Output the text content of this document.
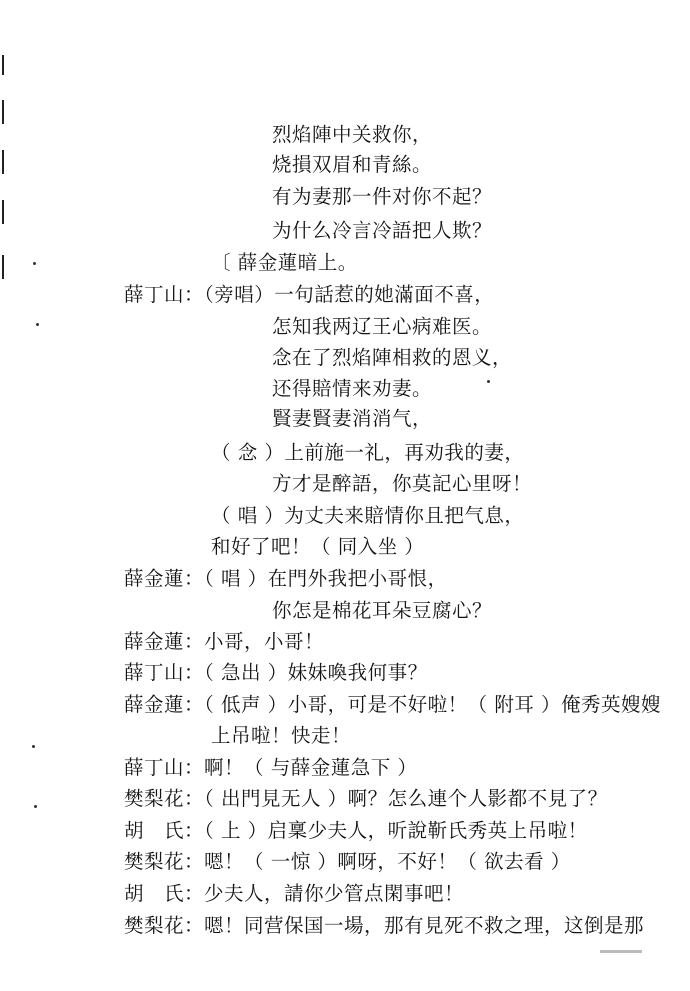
烈焰陣中关救你，
烧損双眉和青絲。
有为妻那一件对你不起？
为什么冷言冷語把人欺？
〔 薛金蓮暗上。
薛丁山：（旁唱）一句話惹的她滿面不喜，
怎知我两辽王心病难医。
念在了烈焰陣相救的恩义，
还得賠情来劝妻。
賢妻賢妻消消气，
（ 念 ）上前施一礼，再劝我的妻，
方才是醉語，你莫記心里呀！
（ 唱 ）为丈夫来賠情你且把气息，
和好了吧！（ 同入坐 ）
薛金蓮：（ 唱 ）在門外我把小哥恨，
你怎是棉花耳朵豆腐心？
薛金蓮：小哥，小哥！
薛丁山：（ 急出 ）妹妹喚我何事？
薛金蓮：（ 低声 ）小哥，可是不好啦！（ 附耳 ）俺秀英嫂嫂
上吊啦！快走！
薛丁山：啊！（ 与薛金蓮急下 ）
樊梨花：（ 出門見无人 ）啊？怎么連个人影都不見了？
胡　氏：（ 上 ）启稟少夫人，听說靳氏秀英上吊啦！
樊梨花：嗯！（ 一惊 ）啊呀，不好！（ 欲去看 ）
胡　氏：少夫人，請你少管点閑事吧！
樊梨花：嗯！同营保国一場，那有見死不救之理，这倒是那
